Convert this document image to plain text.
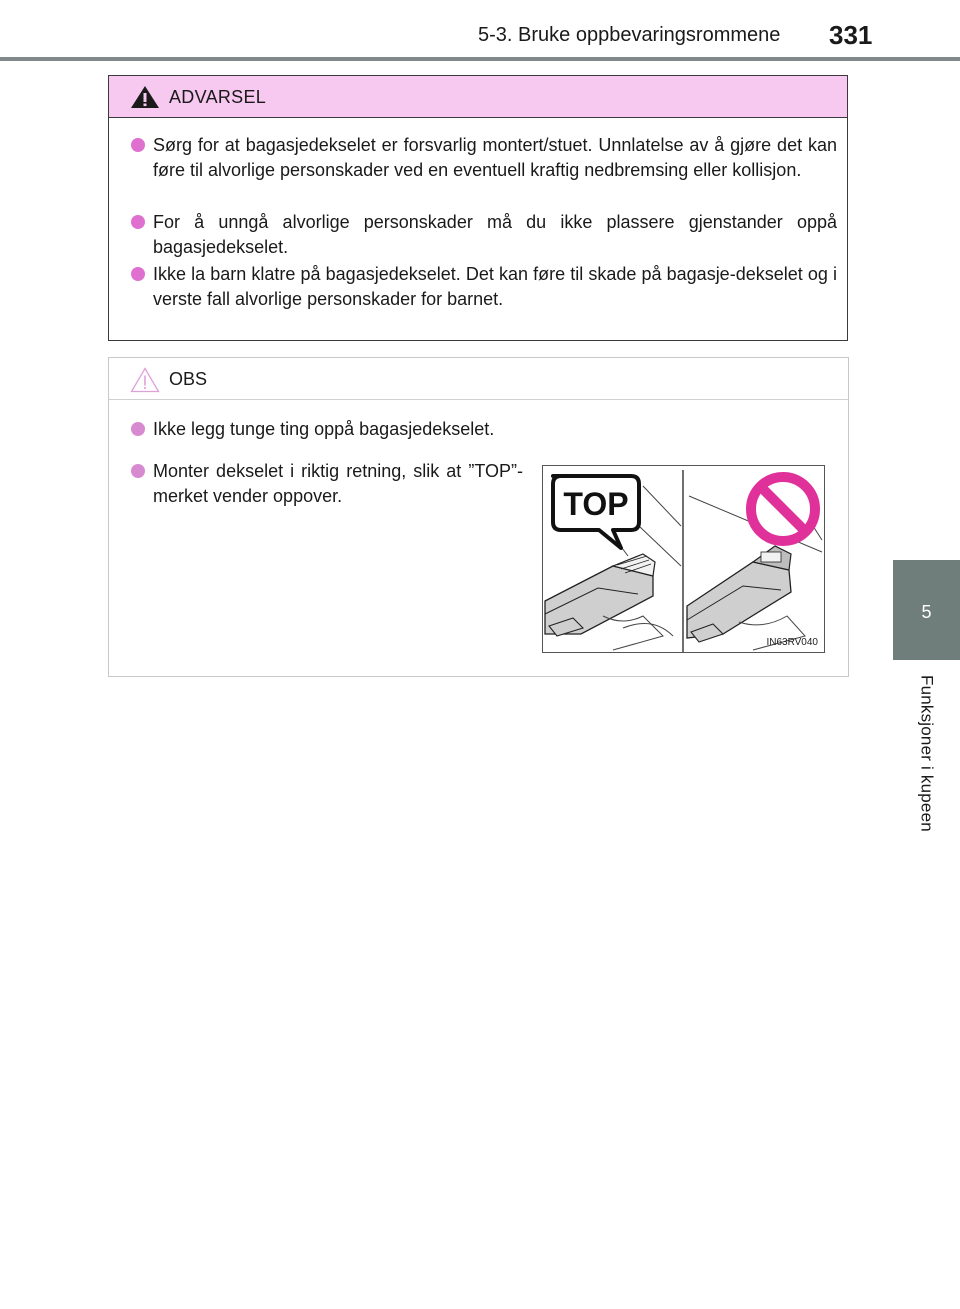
5-3. Bruke oppbevaringsrommene 331
5
Funksjoner i kupeen
ADVARSEL
Sørg for at bagasjedekselet er forsvarlig montert/stuet. Unnlatelse av å gjøre det kan føre til alvorlige personskader ved en eventuell kraftig nedbremsing eller kollisjon.
For å unngå alvorlige personskader må du ikke plassere gjenstander oppå bagasjedekselet.
Ikke la barn klatre på bagasjedekselet. Det kan føre til skade på bagasje-dekselet og i verste fall alvorlige personskader for barnet.
OBS
Ikke legg tunge ting oppå bagasjedekselet.
Monter dekselet i riktig retning, slik at ”TOP”-merket vender oppover.	TOP
IN63RV040
